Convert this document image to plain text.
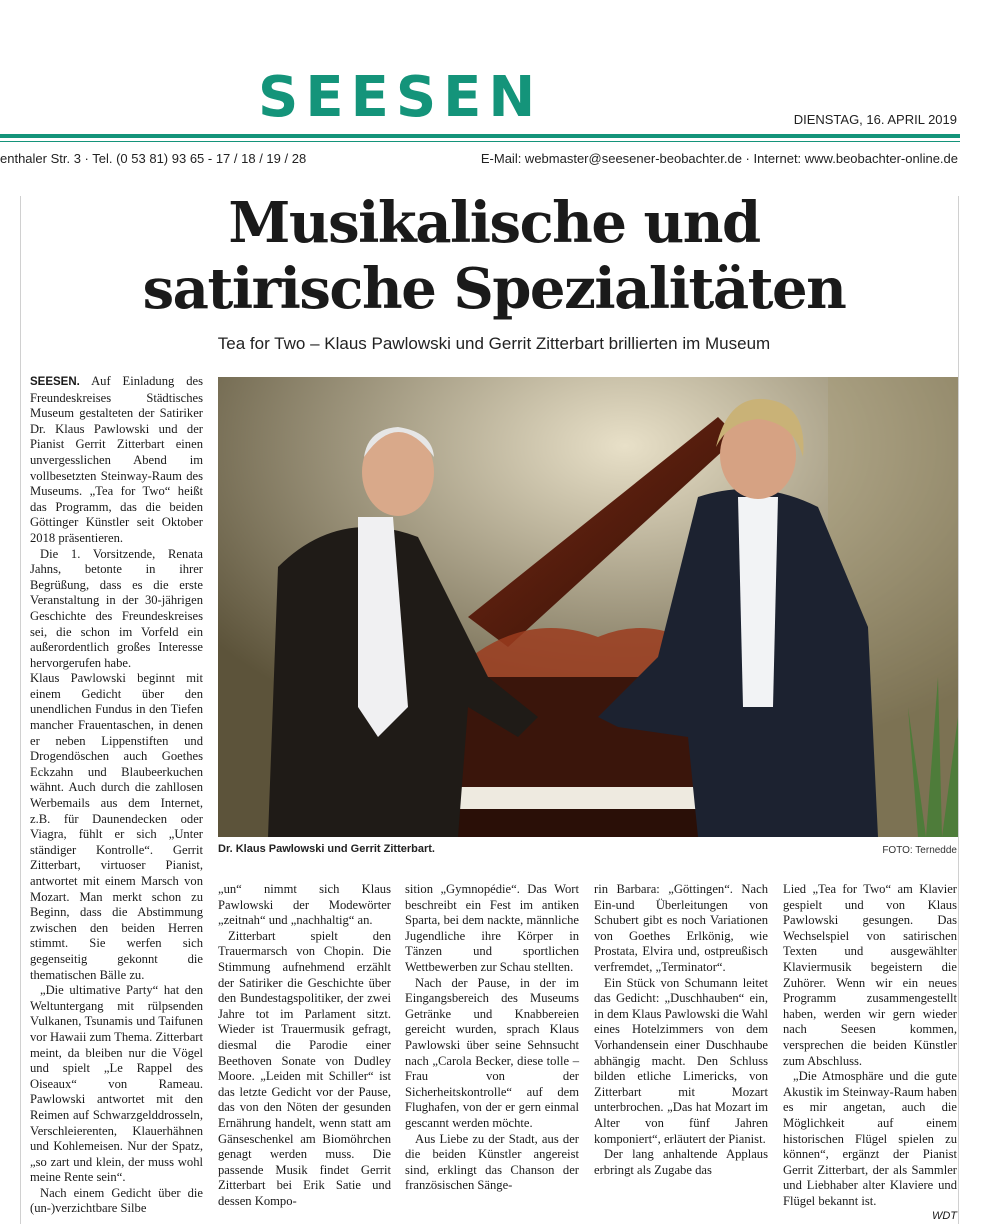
SEESEN	DIENSTAG, 16. APRIL 2019
enthaler Str. 3 · Tel. (0 53 81) 93 65 - 17 / 18 / 19 / 28	E-Mail: webmaster@seesener-beobachter.de · Internet: www.beobachter-online.de
Musikalische und
satirische Spezialitäten
Tea for Two – Klaus Pawlowski und Gerrit Zitterbart brillierten im Museum

SEESEN. Auf Einladung des Freundeskreises Städtisches Museum gestalteten der Satiriker Dr. Klaus Pawlowski und der Pianist Gerrit Zitterbart einen unvergesslichen Abend im vollbesetzten Steinway-Raum des Museums. „Tea for Two“ heißt das Programm, das die beiden Göttinger Künstler seit Oktober 2018 präsentieren.

Die 1. Vorsitzende, Renata Jahns, betonte in ihrer Begrüßung, dass es die erste Veranstaltung in der 30-jährigen Geschichte des Freundeskreises sei, die schon im Vorfeld ein außerordentlich großes Interesse hervorgerufen habe.

Klaus Pawlowski beginnt mit einem Gedicht über den unendlichen Fundus in den Tiefen mancher Frauentaschen, in denen er neben Lippenstiften und Drogendöschen auch Goethes Eckzahn und Blaubeerkuchen wähnt. Auch durch die zahllosen Werbemails aus dem Internet, z.B. für Daunendecken oder Viagra, fühlt er sich „Unter ständiger Kontrolle“. Gerrit Zitterbart, virtuoser Pianist, antwortet mit einem Marsch von Mozart. Man merkt schon zu Beginn, dass die Abstimmung zwischen den beiden Herren stimmt. Sie werfen sich gegenseitig gekonnt die thematischen Bälle zu.

„Die ultimative Party“ hat den Weltuntergang mit rülpsenden Vulkanen, Tsunamis und Taifunen vor Hawaii zum Thema. Zitterbart meint, da bleiben nur die Vögel und spielt „Le Rappel des Oiseaux“ von Rameau. Pawlowski antwortet mit den Reimen auf Schwarzgelddrosseln, Verschleierenten, Klauerhähnen und Kohlemeisen. Nur der Spatz, „so zart und klein, der muss wohl meine Rente sein“.

Nach einem Gedicht über die (un-)verzichtbare Silbe

Dr. Klaus Pawlowski und Gerrit Zitterbart.	FOTO: Ternedde

„un“ nimmt sich Klaus Pawlowski der Modewörter „zeitnah“ und „nachhaltig“ an.

Zitterbart spielt den Trauermarsch von Chopin. Die Stimmung aufnehmend erzählt der Satiriker die Geschichte über den Bundestagspolitiker, der zwei Jahre tot im Parlament sitzt. Wieder ist Trauermusik gefragt, diesmal die Parodie einer Beethoven Sonate von Dudley Moore. „Leiden mit Schiller“ ist das letzte Gedicht vor der Pause, das von den Nöten der gesunden Ernährung handelt, wenn statt am Gänseschenkel am Biomöhrchen genagt werden muss. Die passende Musik findet Gerrit Zitterbart bei Erik Satie und dessen Kompo-

sition „Gymnopédie“. Das Wort beschreibt ein Fest im antiken Sparta, bei dem nackte, männliche Jugendliche ihre Körper in Tänzen und sportlichen Wettbewerben zur Schau stellten.

Nach der Pause, in der im Eingangsbereich des Museums Getränke und Knabbereien gereicht wurden, sprach Klaus Pawlowski über seine Sehnsucht nach „Carola Becker, diese tolle – Frau von der Sicherheitskontrolle“ auf dem Flughafen, von der er gern einmal gescannt werden möchte.

Aus Liebe zu der Stadt, aus der die beiden Künstler angereist sind, erklingt das Chanson der französischen Sänge-

rin Barbara: „Göttingen“. Nach Ein-und Überleitungen von Schubert gibt es noch Variationen von Goethes Erlkönig, wie Prostata, Elvira und, ostpreußisch verfremdet, „Terminator“.

Ein Stück von Schumann leitet das Gedicht: „Duschhauben“ ein, in dem Klaus Pawlowski die Wahl eines Hotelzimmers von dem Vorhandensein einer Duschhaube abhängig macht. Den Schluss bilden etliche Limericks, von Zitterbart mit Mozart unterbrochen. „Das hat Mozart im Alter von fünf Jahren komponiert“, erläutert der Pianist.

Der lang anhaltende Applaus erbringt als Zugabe das

Lied „Tea for Two“ am Klavier gespielt und von Klaus Pawlowski gesungen. Das Wechselspiel von satirischen Texten und ausgewählter Klaviermusik begeistern die Zuhörer. Wenn wir ein neues Programm zusammengestellt haben, werden wir gern wieder nach Seesen kommen, versprechen die beiden Künstler zum Abschluss.

„Die Atmosphäre und die gute Akustik im Steinway-Raum haben es mir angetan, auch die Möglichkeit auf einem historischen Flügel spielen zu können“, ergänzt der Pianist Gerrit Zitterbart, der als Sammler und Liebhaber alter Klaviere und Flügel bekannt ist.

WDT
